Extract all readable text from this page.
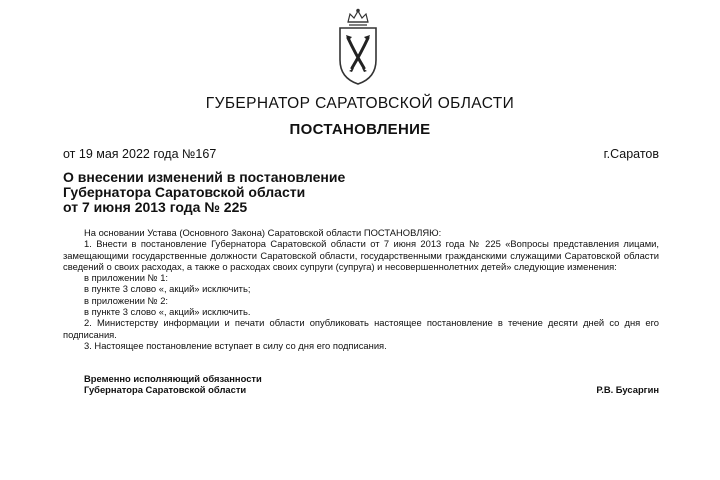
ГУБЕРНАТОР САРАТОВСКОЙ ОБЛАСТИ
ПОСТАНОВЛЕНИЕ
от 19 мая 2022 года №167	г.Саратов
О внесении изменений в постановление
Губернатора Саратовской области
от 7 июня 2013 года № 225

На основании Устава (Основного Закона) Саратовской области ПОСТАНОВЛЯЮ:

1. Внести в постановление Губернатора Саратовской области от 7 июня 2013 года № 225 «Вопросы представления лицами, замещающими государственные должности Саратовской области, государственными гражданскими служащими Саратовской области сведений о своих расходах, а также о расходах своих супруги (супруга) и несовершеннолетних детей» следующие изменения:

в приложении № 1:

в пункте 3 слово «, акций» исключить;

в приложении № 2:

в пункте 3 слово «, акций» исключить.

2. Министерству информации и печати области опубликовать настоящее постановление в течение десяти дней со дня его подписания.

3. Настоящее постановление вступает в силу со дня его подписания.

Временно исполняющий обязанности
Губернатора Саратовской области	Р.В. Бусаргин
